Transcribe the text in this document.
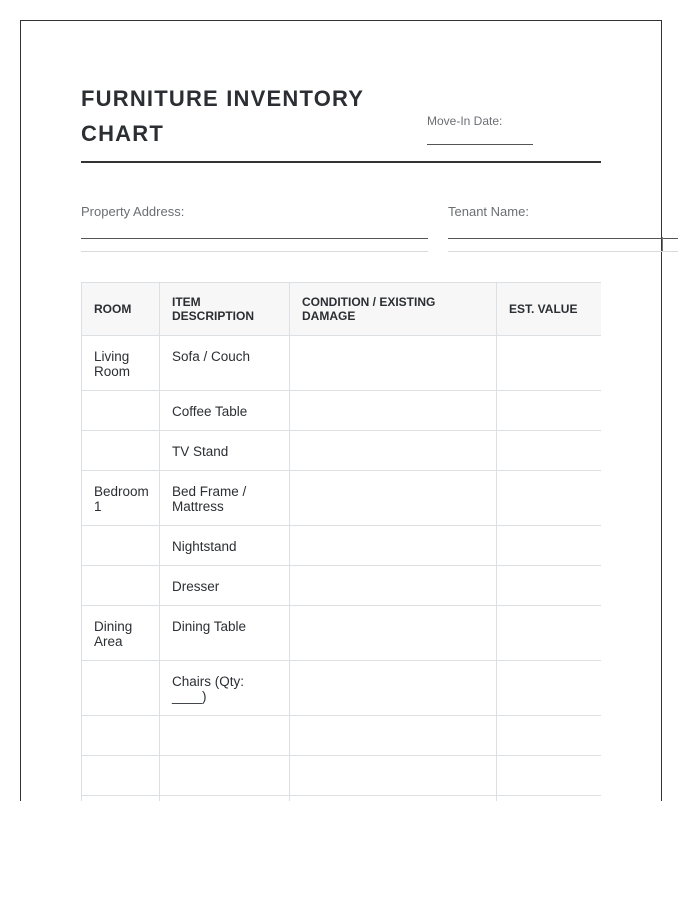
FURNITURE INVENTORY CHART	Move-In Date:
Property Address:	Tenant Name:
ROOM	ITEM DESCRIPTION	CONDITION / EXISTING DAMAGE	EST. VALUE

Living Room	Sofa / Couch		

	Coffee Table		

	TV Stand		

Bedroom 1	Bed Frame / Mattress		

	Nightstand		

	Dresser		

Dining Area	Dining Table		

	Chairs (Qty: ____)		
